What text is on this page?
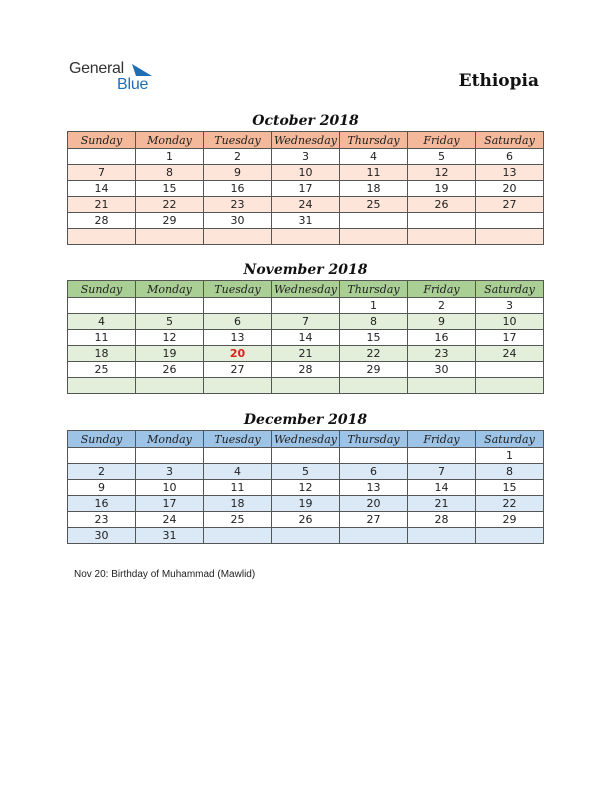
General
Blue	Ethiopia
October 2018
Sunday	Monday	Tuesday	Wednesday	Thursday	Friday	Saturday
	1	2	3	4	5	6
7	8	9	10	11	12	13
14	15	16	17	18	19	20
21	22	23	24	25	26	27
28	29	30	31			

November 2018
Sunday	Monday	Tuesday	Wednesday	Thursday	Friday	Saturday
				1	2	3
4	5	6	7	8	9	10
11	12	13	14	15	16	17
18	19	20	21	22	23	24
25	26	27	28	29	30	

December 2018
Sunday	Monday	Tuesday	Wednesday	Thursday	Friday	Saturday
						1
2	3	4	5	6	7	8
9	10	11	12	13	14	15
16	17	18	19	20	21	22
23	24	25	26	27	28	29
30	31					
Nov 20: Birthday of Muhammad (Mawlid)
